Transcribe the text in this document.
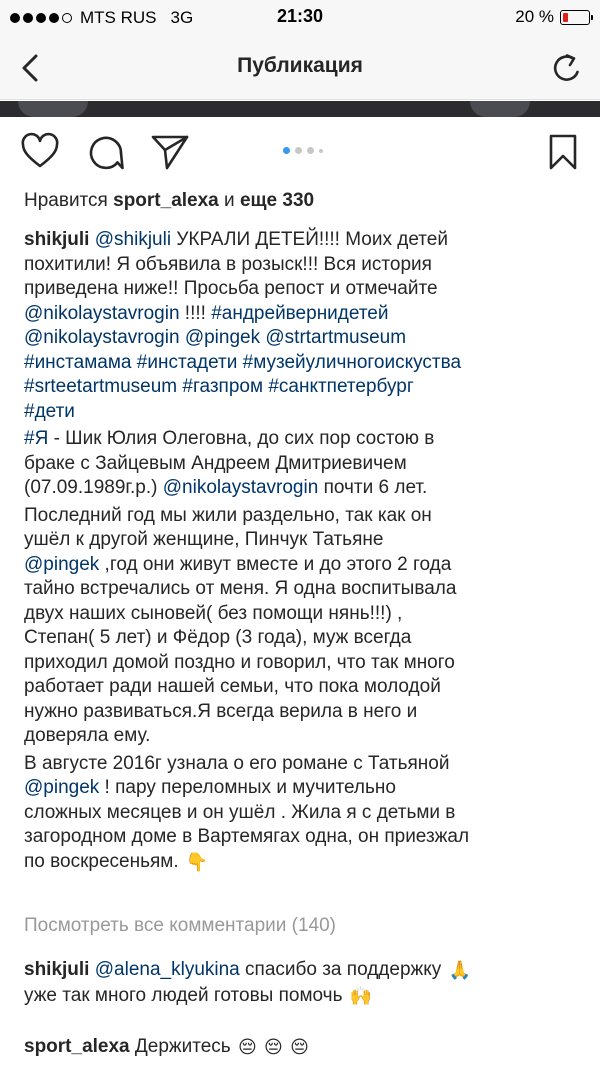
MTS RUS 3G	21:30	20 %
Публикация
Нравится sport_alexa и еще 330
shikjuli @shikjuli УКРАЛИ ДЕТЕЙ!!!! Моих детей
похитили! Я объявила в розыск!!! Вся история
приведена ниже!! Просьба репост и отмечайте
@nikolaystavrogin !!!! #андрейвернидетей
@nikolaystavrogin @pingek @strtartmuseum
#инстамама #инстадети #музейуличногоискуства
#srteetartmuseum #газпром #санктпетербург
#дети
#Я - Шик Юлия Олеговна, до сих пор состою в
браке с Зайцевым Андреем Дмитриевичем
(07.09.1989г.р.) @nikolaystavrogin почти 6 лет.
Последний год мы жили раздельно, так как он
ушёл к другой женщине, Пинчук Татьяне
@pingek ,год они живут вместе и до этого 2 года
тайно встречались от меня. Я одна воспитывала
двух наших сыновей( без помощи нянь!!!) ,
Степан( 5 лет) и Фёдор (3 года), муж всегда
приходил домой поздно и говорил, что так много
работает ради нашей семьи, что пока молодой
нужно развиваться.Я всегда верила в него и
доверяла ему.
В августе 2016г узнала о его романе с Татьяной
@pingek ! пару переломных и мучительно
сложных месяцев и он ушёл . Жила я с детьми в
загородном доме в Вартемягах одна, он приезжал
по воскресеньям. 👇
Посмотреть все комментарии (140)
shikjuli @alena_klyukina спасибо за поддержку 🙏
уже так много людей готовы помочь 🙌
sport_alexa Держитесь 😔 😔 😔
